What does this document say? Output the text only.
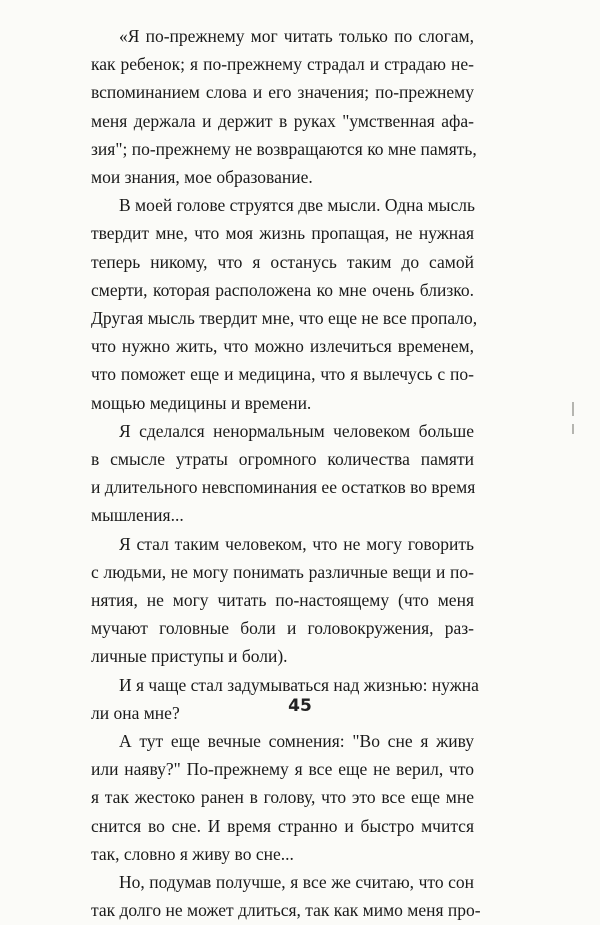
«Я по-прежнему мог читать только по слогам,
как ребенок; я по-прежнему страдал и страдаю не-
вспоминанием слова и его значения; по-прежнему
меня держала и держит в руках "умственная афа-
зия"; по-прежнему не возвращаются ко мне память,
мои знания, мое образование.

В моей голове струятся две мысли. Одна мысль
твердит мне, что моя жизнь пропащая, не нужная
теперь никому, что я останусь таким до самой
смерти, которая расположена ко мне очень близко.
Другая мысль твердит мне, что еще не все пропало,
что нужно жить, что можно излечиться временем,
что поможет еще и медицина, что я вылечусь с по-
мощью медицины и времени.

Я сделался ненормальным человеком больше
в смысле утраты огромного количества памяти
и длительного невспоминания ее остатков во время
мышления...

Я стал таким человеком, что не могу говорить
с людьми, не могу понимать различные вещи и по-
нятия, не могу читать по-настоящему (что меня
мучают головные боли и головокружения, раз-
личные приступы и боли).

И я чаще стал задумываться над жизнью: нужна
ли она мне?

А тут еще вечные сомнения: "Во сне я живу
или наяву?" По-прежнему я все еще не верил, что
я так жестоко ранен в голову, что это все еще мне
снится во сне. И время странно и быстро мчится
так, словно я живу во сне...

Но, подумав получше, я все же считаю, что сон
так долго не может длиться, так как мимо меня про-

45
